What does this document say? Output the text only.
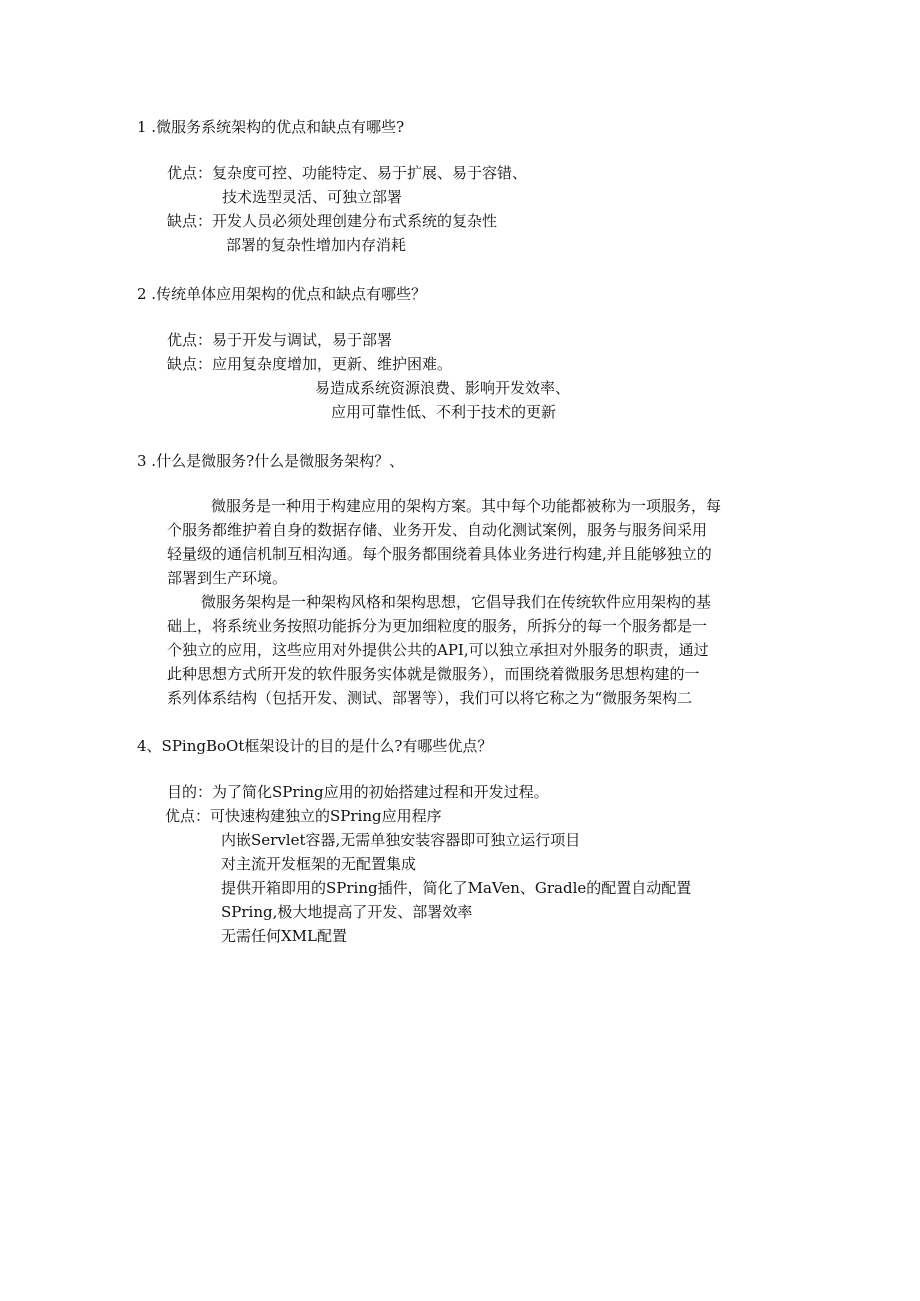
1 .微服务系统架构的优点和缺点有哪些?
优点：复杂度可控、功能特定、易于扩展、易于容错、
技术选型灵活、可独立部署
缺点：开发人员必须处理创建分布式系统的复杂性
部署的复杂性增加内存消耗
2 .传统单体应用架构的优点和缺点有哪些？
优点：易于开发与调试，易于部署
缺点：应用复杂度增加，更新、维护困难。
易造成系统资源浪费、影响开发效率、
应用可靠性低、不利于技术的更新
3 .什么是微服务?什么是微服务架构？、
微服务是一种用于构建应用的架构方案。其中每个功能都被称为一项服务，每
个服务都维护着自身的数据存储、业务开发、自动化测试案例，服务与服务间采用
轻量级的通信机制互相沟通。每个服务都围绕着具体业务进行构建,并且能够独立的
部署到生产环境。
微服务架构是一种架构风格和架构思想，它倡导我们在传统软件应用架构的基
础上，将系统业务按照功能拆分为更加细粒度的服务，所拆分的每一个服务都是一
个独立的应用，这些应用对外提供公共的API,可以独立承担对外服务的职责，通过
此种思想方式所开发的软件服务实体就是微服务），而围绕着微服务思想构建的一
系列体系结构（包括开发、测试、部署等），我们可以将它称之为“微服务架构二
4、SPingBoOt框架设计的目的是什么?有哪些优点？
目的：为了简化SPring应用的初始搭建过程和开发过程。
优点：可快速构建独立的SPring应用程序
内嵌Servlet容器,无需单独安装容器即可独立运行项目
对主流开发框架的无配置集成
提供开箱即用的SPring插件，简化了MaVen、Gradle的配置自动配置
SPring,极大地提高了开发、部署效率
无需任何XML配置
